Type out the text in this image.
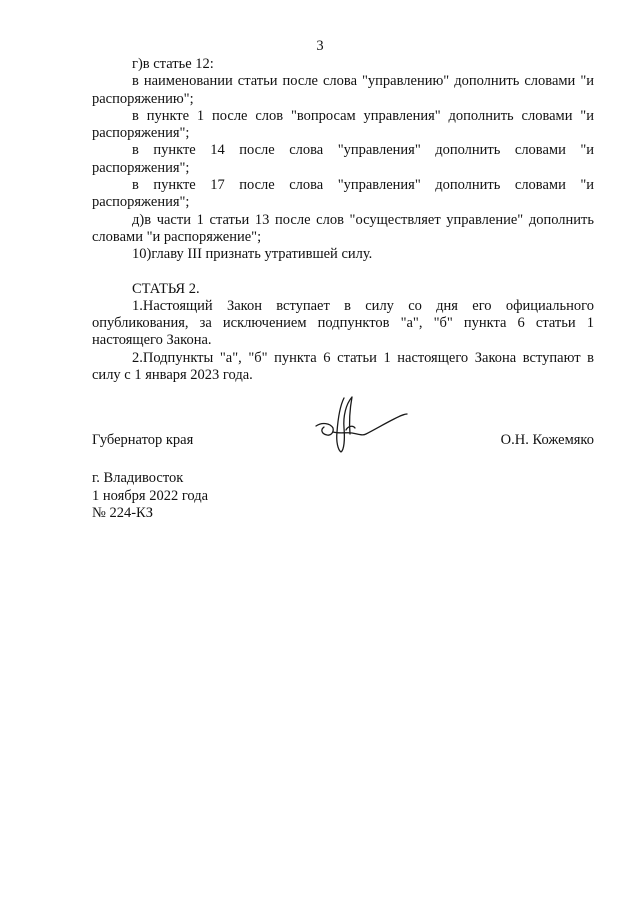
3

г)в статье 12:

в наименовании статьи после слова "управлению" дополнить словами "и распоряжению";

в пункте 1 после слов "вопросам управления" дополнить словами "и распоряжения";

в пункте 14 после слова "управления" дополнить словами "и распоряжения";

в пункте 17 после слова "управления" дополнить словами "и распоряжения";

д)в части 1 статьи 13 после слов "осуществляет управление" дополнить словами "и распоряжение";

10)главу III признать утратившей силу.

СТАТЬЯ 2.

1.Настоящий Закон вступает в силу со дня его официального опубликования, за исключением подпунктов "а", "б" пункта 6 статьи 1 настоящего Закона.

2.Подпункты "а", "б" пункта 6 статьи 1 настоящего Закона вступают в силу с 1 января 2023 года.

Губернатор края	О.Н. Кожемяко
г. Владивосток
1 ноября 2022 года
№ 224-КЗ
